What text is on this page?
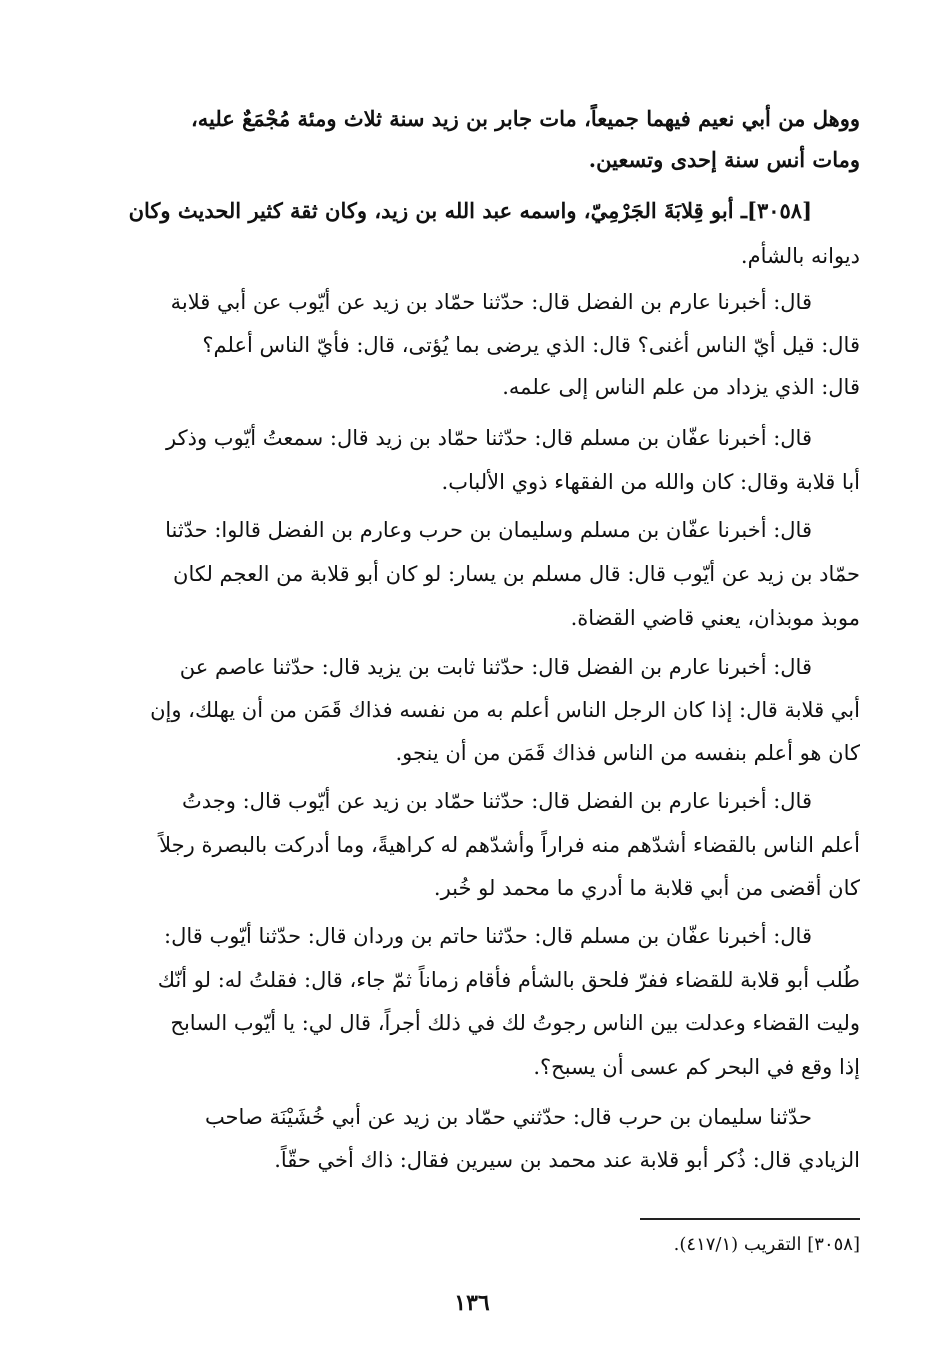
ووهل من أبي نعيم فيهما جميعاً، مات جابر بن زيد سنة ثلاث ومئة مُجْمَعٌ عليه،
ومات أنس سنة إحدى وتسعين.
[٣٠٥٨]ـ أبو قِلابَةَ الجَرْمِيّ، واسمه عبد الله بن زيد، وكان ثقة كثير الحديث وكان
ديوانه بالشأم.
قال: أخبرنا عارم بن الفضل قال: حدّثنا حمّاد بن زيد عن أيّوب عن أبي قلابة
قال: قيل أيّ الناس أغنى؟ قال: الذي يرضى بما يُؤتى، قال: فأيّ الناس أعلم؟
قال: الذي يزداد من علم الناس إلى علمه.
قال: أخبرنا عفّان بن مسلم قال: حدّثنا حمّاد بن زيد قال: سمعتُ أيّوب وذكر
أبا قلابة وقال: كان والله من الفقهاء ذوي الألباب.
قال: أخبرنا عفّان بن مسلم وسليمان بن حرب وعارم بن الفضل قالوا: حدّثنا
حمّاد بن زيد عن أيّوب قال: قال مسلم بن يسار: لو كان أبو قلابة من العجم لكان
موبذ موبذان، يعني قاضي القضاة.
قال: أخبرنا عارم بن الفضل قال: حدّثنا ثابت بن يزيد قال: حدّثنا عاصم عن
أبي قلابة قال: إذا كان الرجل الناس أعلم به من نفسه فذاك قَمَن من أن يهلك، وإن
كان هو أعلم بنفسه من الناس فذاك قَمَن من أن ينجو.
قال: أخبرنا عارم بن الفضل قال: حدّثنا حمّاد بن زيد عن أيّوب قال: وجدتُ
أعلم الناس بالقضاء أشدّهم منه فراراً وأشدّهم له كراهيةً، وما أدركت بالبصرة رجلاً
كان أقضى من أبي قلابة ما أدري ما محمد لو خُبر.
قال: أخبرنا عفّان بن مسلم قال: حدّثنا حاتم بن وردان قال: حدّثنا أيّوب قال:
طُلب أبو قلابة للقضاء ففرّ فلحق بالشأم فأقام زماناً ثمّ جاء، قال: فقلتُ له: لو أنّك
وليت القضاء وعدلت بين الناس رجوتُ لك في ذلك أجراً، قال لي: يا أيّوب السابح
إذا وقع في البحر كم عسى أن يسبح؟.
حدّثنا سليمان بن حرب قال: حدّثني حمّاد بن زيد عن أبي خُشَيْنَة صاحب
الزيادي قال: ذُكر أبو قلابة عند محمد بن سيرين فقال: ذاك أخي حقّاً.
[٣٠٥٨] التقريب (٤١٧/١).
١٣٦
